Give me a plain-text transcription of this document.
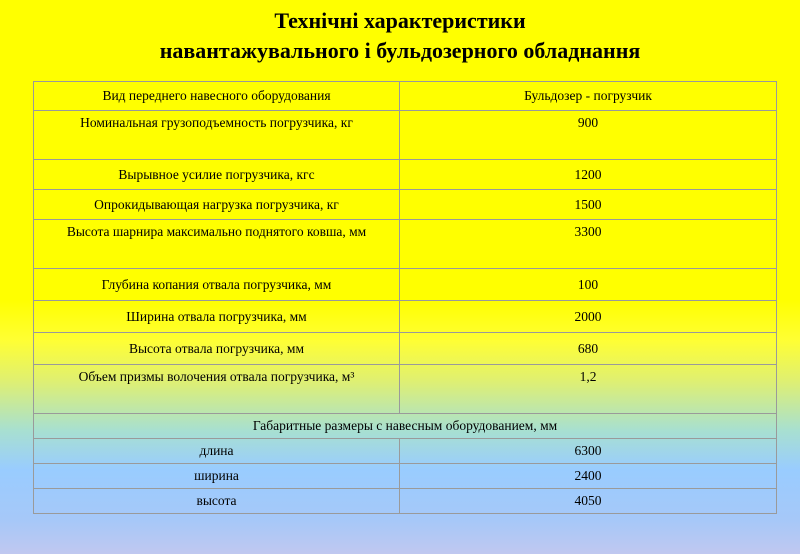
Технічні характеристики
навантажувального і бульдозерного обладнання
Вид переднего навесного оборудования	Бульдозер - погрузчик
Номинальная грузоподъемность погрузчика, кг	900
Вырывное усилие погрузчика, кгс	1200
Опрокидывающая нагрузка погрузчика, кг	1500
Высота шарнира максимально поднятого ковша, мм	3300
Глубина копания отвала погрузчика, мм	100
Ширина отвала погрузчика, мм	2000
Высота отвала погрузчика, мм	680
Объем призмы волочения отвала погрузчика, м³	1,2
Габаритные размеры с навесным оборудованием, мм	
длина	6300
ширина	2400
высота	4050
